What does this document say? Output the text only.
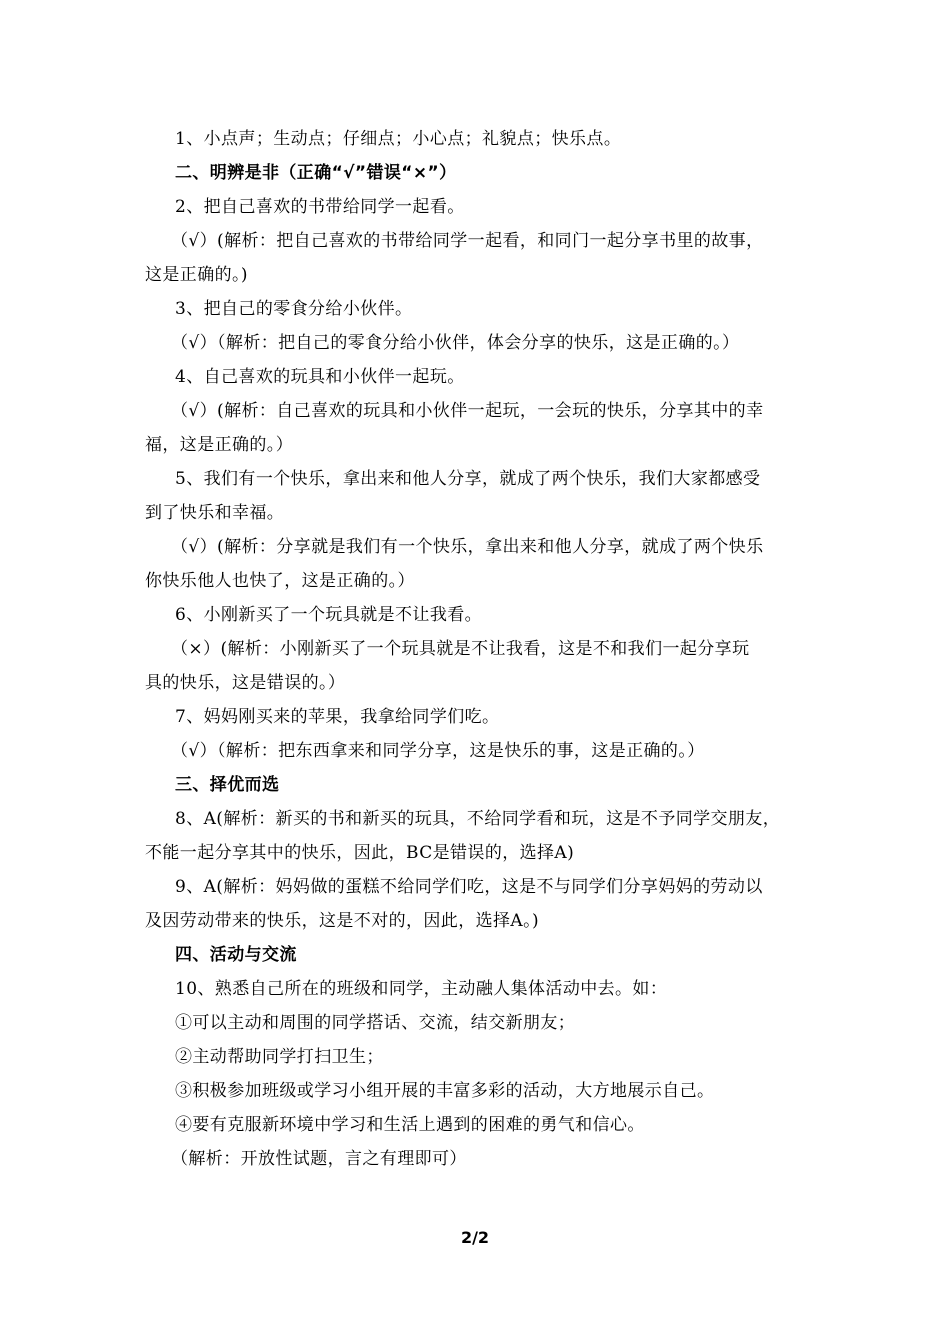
1、小点声；生动点；仔细点；小心点；礼貌点；快乐点。
二、明辨是非（正确“√”错误“×”）
2、把自己喜欢的书带给同学一起看。
（√）(解析：把自己喜欢的书带给同学一起看，和同门一起分享书里的故事，
这是正确的。)
3、把自己的零食分给小伙伴。
（√）（解析：把自己的零食分给小伙伴，体会分享的快乐，这是正确的。）
4、自己喜欢的玩具和小伙伴一起玩。
（√）(解析：自己喜欢的玩具和小伙伴一起玩，一会玩的快乐，分享其中的幸
福，这是正确的。）
5、我们有一个快乐，拿出来和他人分享，就成了两个快乐，我们大家都感受
到了快乐和幸福。
（√）(解析：分享就是我们有一个快乐，拿出来和他人分享，就成了两个快乐
你快乐他人也快了，这是正确的。）
6、小刚新买了一个玩具就是不让我看。
（×）(解析：小刚新买了一个玩具就是不让我看，这是不和我们一起分享玩
具的快乐，这是错误的。）
7、妈妈刚买来的苹果，我拿给同学们吃。
（√）（解析：把东西拿来和同学分享，这是快乐的事，这是正确的。）
三、择优而选
8、A(解析：新买的书和新买的玩具，不给同学看和玩，这是不予同学交朋友，
不能一起分享其中的快乐，因此，BC是错误的，选择A)
9、A(解析：妈妈做的蛋糕不给同学们吃，这是不与同学们分享妈妈的劳动以
及因劳动带来的快乐，这是不对的，因此，选择A。)
四、活动与交流
10、熟悉自己所在的班级和同学，主动融人集体活动中去。如：
①可以主动和周围的同学搭话、交流，结交新朋友；
②主动帮助同学打扫卫生；
③积极参加班级或学习小组开展的丰富多彩的活动，大方地展示自己。
④要有克服新环境中学习和生活上遇到的困难的勇气和信心。
（解析：开放性试题，言之有理即可）
2/2
